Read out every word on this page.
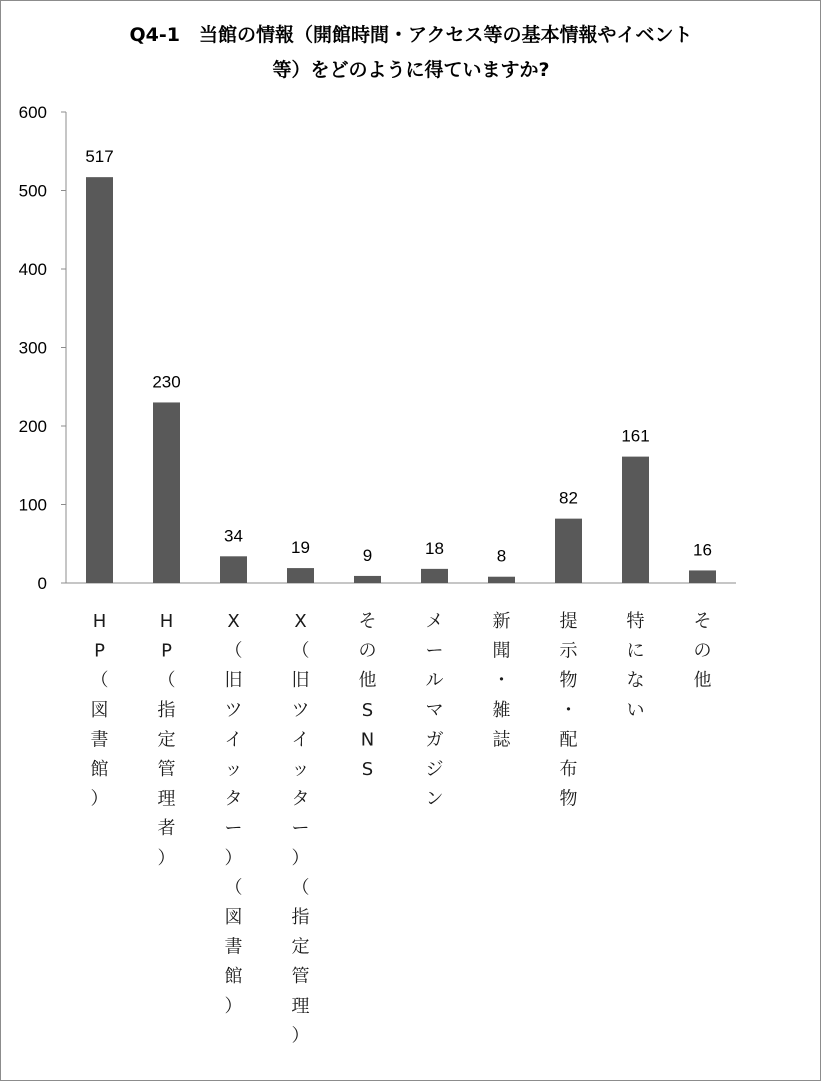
Q4-1　当館の情報（開館時間・アクセス等の基本情報やイベント
等）をどのように得ていますか?
0
100
200
300
400
500
600
517
230
34
19	9	18	8
82
161
16
H P （図書館）
H P （指定管理者）
X （旧ツイッター）（図書館）
X （旧ツイッター）（指定管理）
その他 S N S
メールマガジン
新聞・雑誌
提示物・配布物
特にない
その他
